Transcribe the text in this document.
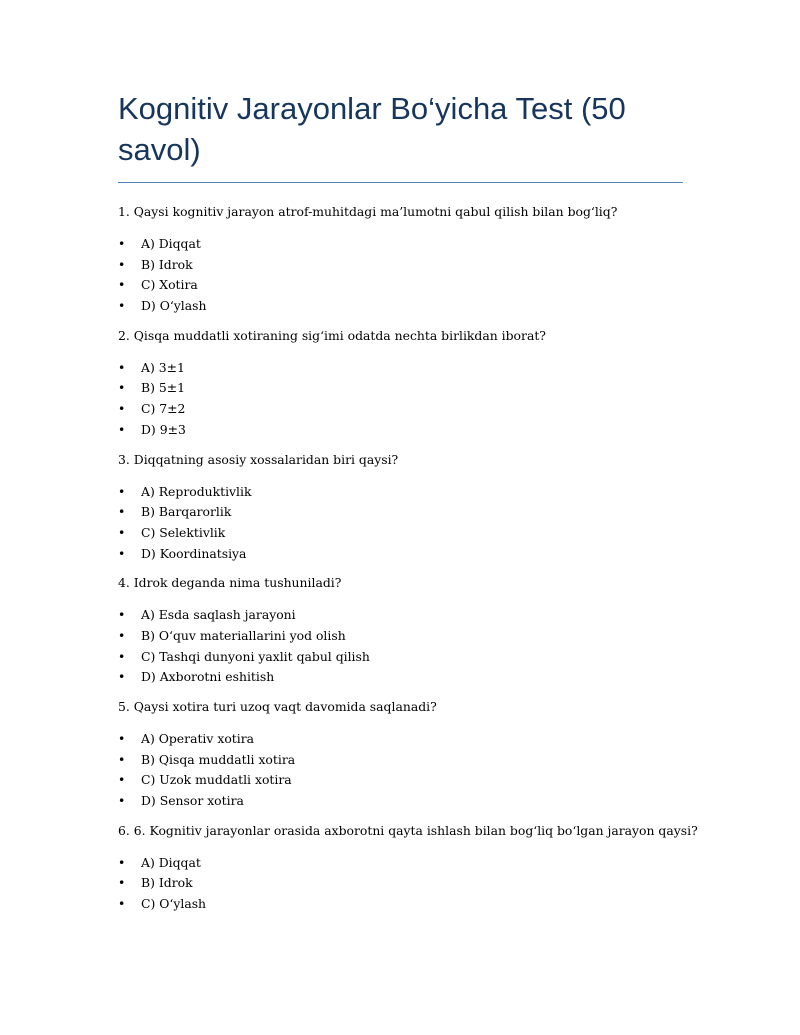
Kognitiv Jarayonlar Bo‘yicha Test (50 savol)

1. Qaysi kognitiv jarayon atrof-muhitdagi ma’lumotni qabul qilish bilan bog‘liq?

• A) Diqqat
• B) Idrok
• C) Xotira
• D) O‘ylash

2. Qisqa muddatli xotiraning sig‘imi odatda nechta birlikdan iborat?

• A) 3±1
• B) 5±1
• C) 7±2
• D) 9±3

3. Diqqatning asosiy xossalaridan biri qaysi?

• A) Reproduktivlik
• B) Barqarorlik
• C) Selektivlik
• D) Koordinatsiya

4. Idrok deganda nima tushuniladi?

• A) Esda saqlash jarayoni
• B) O‘quv materiallarini yod olish
• C) Tashqi dunyoni yaxlit qabul qilish
• D) Axborotni eshitish

5. Qaysi xotira turi uzoq vaqt davomida saqlanadi?

• A) Operativ xotira
• B) Qisqa muddatli xotira
• C) Uzok muddatli xotira
• D) Sensor xotira

6. 6. Kognitiv jarayonlar orasida axborotni qayta ishlash bilan bog‘liq bo‘lgan jarayon qaysi?

• A) Diqqat
• B) Idrok
• C) O‘ylash
